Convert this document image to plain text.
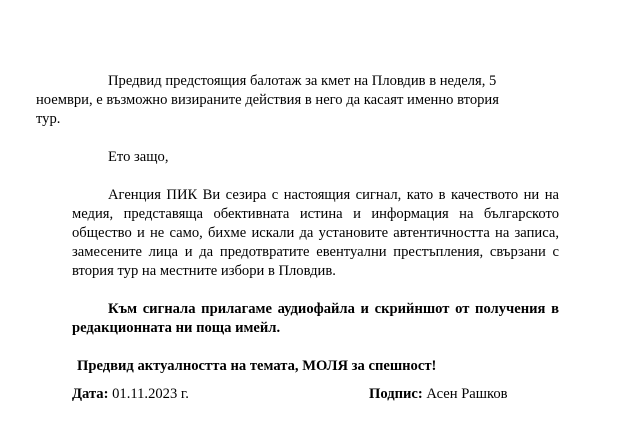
Предвид предстоящия балотаж за кмет на Пловдив в неделя, 5
ноември, е възможно визираните действия в него да касаят именно втория
тур.

Ето защо,

Агенция ПИК Ви сезира с настоящия сигнал, като в качеството ни на медия, представяща обективната истина и информация на българското общество и не само, бихме искали да установите автентичността на записа, замесените лица и да предотвратите евентуални престъпления, свързани с втория тур на местните избори в Пловдив.

Към сигнала прилагаме аудиофайла и скрийншот от получения в редакционната ни поща имейл.

Предвид актуалността на темата, МОЛЯ за спешност!

Дата: 01.11.2023 г.	Подпис: Асен Рашков
